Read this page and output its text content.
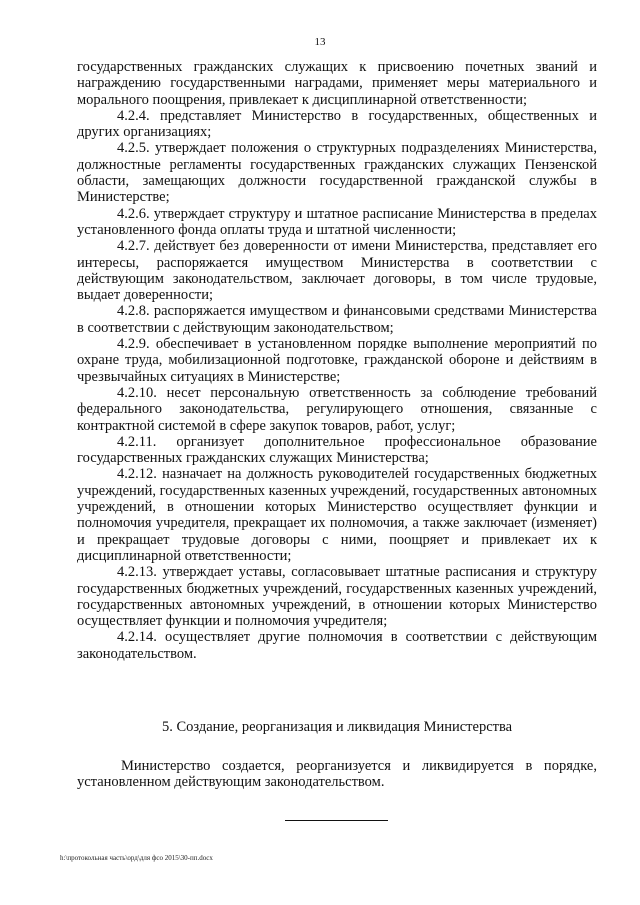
13

государственных гражданских служащих к присвоению почетных званий и награждению государственными наградами, применяет меры материального и морального поощрения, привлекает к дисциплинарной ответственности;

4.2.4. представляет Министерство в государственных, общественных и других организациях;

4.2.5. утверждает положения о структурных подразделениях Министерства, должностные регламенты государственных гражданских служащих Пензенской области, замещающих должности государственной гражданской службы в Министерстве;

4.2.6. утверждает структуру и штатное расписание Министерства в пределах установленного фонда оплаты труда и штатной численности;

4.2.7. действует без доверенности от имени Министерства, представляет его интересы, распоряжается имуществом Министерства в соответствии с действующим законодательством, заключает договоры, в том числе трудовые, выдает доверенности;

4.2.8. распоряжается имуществом и финансовыми средствами Министерства в соответствии с действующим законодательством;

4.2.9. обеспечивает в установленном порядке выполнение мероприятий по охране труда, мобилизационной подготовке, гражданской обороне и действиям в чрезвычайных ситуациях в Министерстве;

4.2.10. несет персональную ответственность за соблюдение требований федерального законодательства, регулирующего отношения, связанные с контрактной системой в сфере закупок товаров, работ, услуг;

4.2.11. организует дополнительное профессиональное образование государственных гражданских служащих Министерства;

4.2.12. назначает на должность руководителей государственных бюджетных учреждений, государственных казенных учреждений, государственных автономных учреждений, в отношении которых Министерство осуществляет функции и полномочия учредителя, прекращает их полномочия, а также заключает (изменяет) и прекращает трудовые договоры с ними, поощряет и привлекает их к дисциплинарной ответственности;

4.2.13. утверждает уставы, согласовывает штатные расписания и структуру государственных бюджетных учреждений, государственных казенных учреждений, государственных автономных учреждений, в отношении которых Министерство осуществляет функции и полномочия учредителя;

4.2.14. осуществляет другие полномочия в соответствии с действующим законодательством.

5. Создание, реорганизация и ликвидация Министерства
Министерство создается, реорганизуется и ликвидируется в порядке, установленном действующим законодательством.
h:\протокольная часть\орд\для фсо 2015\30-пп.docx
